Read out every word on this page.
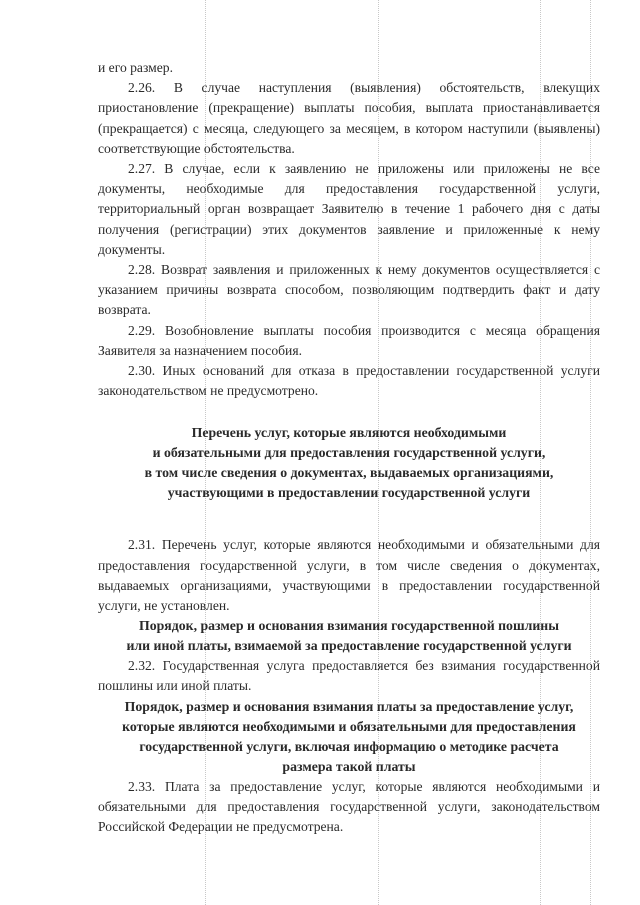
и его размер.

2.26. В случае наступления (выявления) обстоятельств, влекущих приостановление (прекращение) выплаты пособия, выплата приостанавливается (прекращается) с месяца, следующего за месяцем, в котором наступили (выявлены) соответствующие обстоятельства.

2.27. В случае, если к заявлению не приложены или приложены не все документы, необходимые для предоставления государственной услуги, территориальный орган возвращает Заявителю в течение 1 рабочего дня с даты получения (регистрации) этих документов заявление и приложенные к нему документы.

2.28. Возврат заявления и приложенных к нему документов осуществляется с указанием причины возврата способом, позволяющим подтвердить факт и дату возврата.

2.29. Возобновление выплаты пособия производится с месяца обращения Заявителя за назначением пособия.

2.30. Иных оснований для отказа в предоставлении государственной услуги законодательством не предусмотрено.

Перечень услуг, которые являются необходимыми
и обязательными для предоставления государственной услуги,
в том числе сведения о документах, выдаваемых организациями,
участвующими в предоставлении государственной услуги

2.31. Перечень услуг, которые являются необходимыми и обязательными для предоставления государственной услуги, в том числе сведения о документах, выдаваемых организациями, участвующими в предоставлении государственной услуги, не установлен.

Порядок, размер и основания взимания государственной пошлины
или иной платы, взимаемой за предоставление государственной услуги

2.32. Государственная услуга предоставляется без взимания государственной пошлины или иной платы.

Порядок, размер и основания взимания платы за предоставление услуг,
которые являются необходимыми и обязательными для предоставления
государственной услуги, включая информацию о методике расчета
размера такой платы

2.33. Плата за предоставление услуг, которые являются необходимыми и обязательными для предоставления государственной услуги, законодательством Российской Федерации не предусмотрена.
